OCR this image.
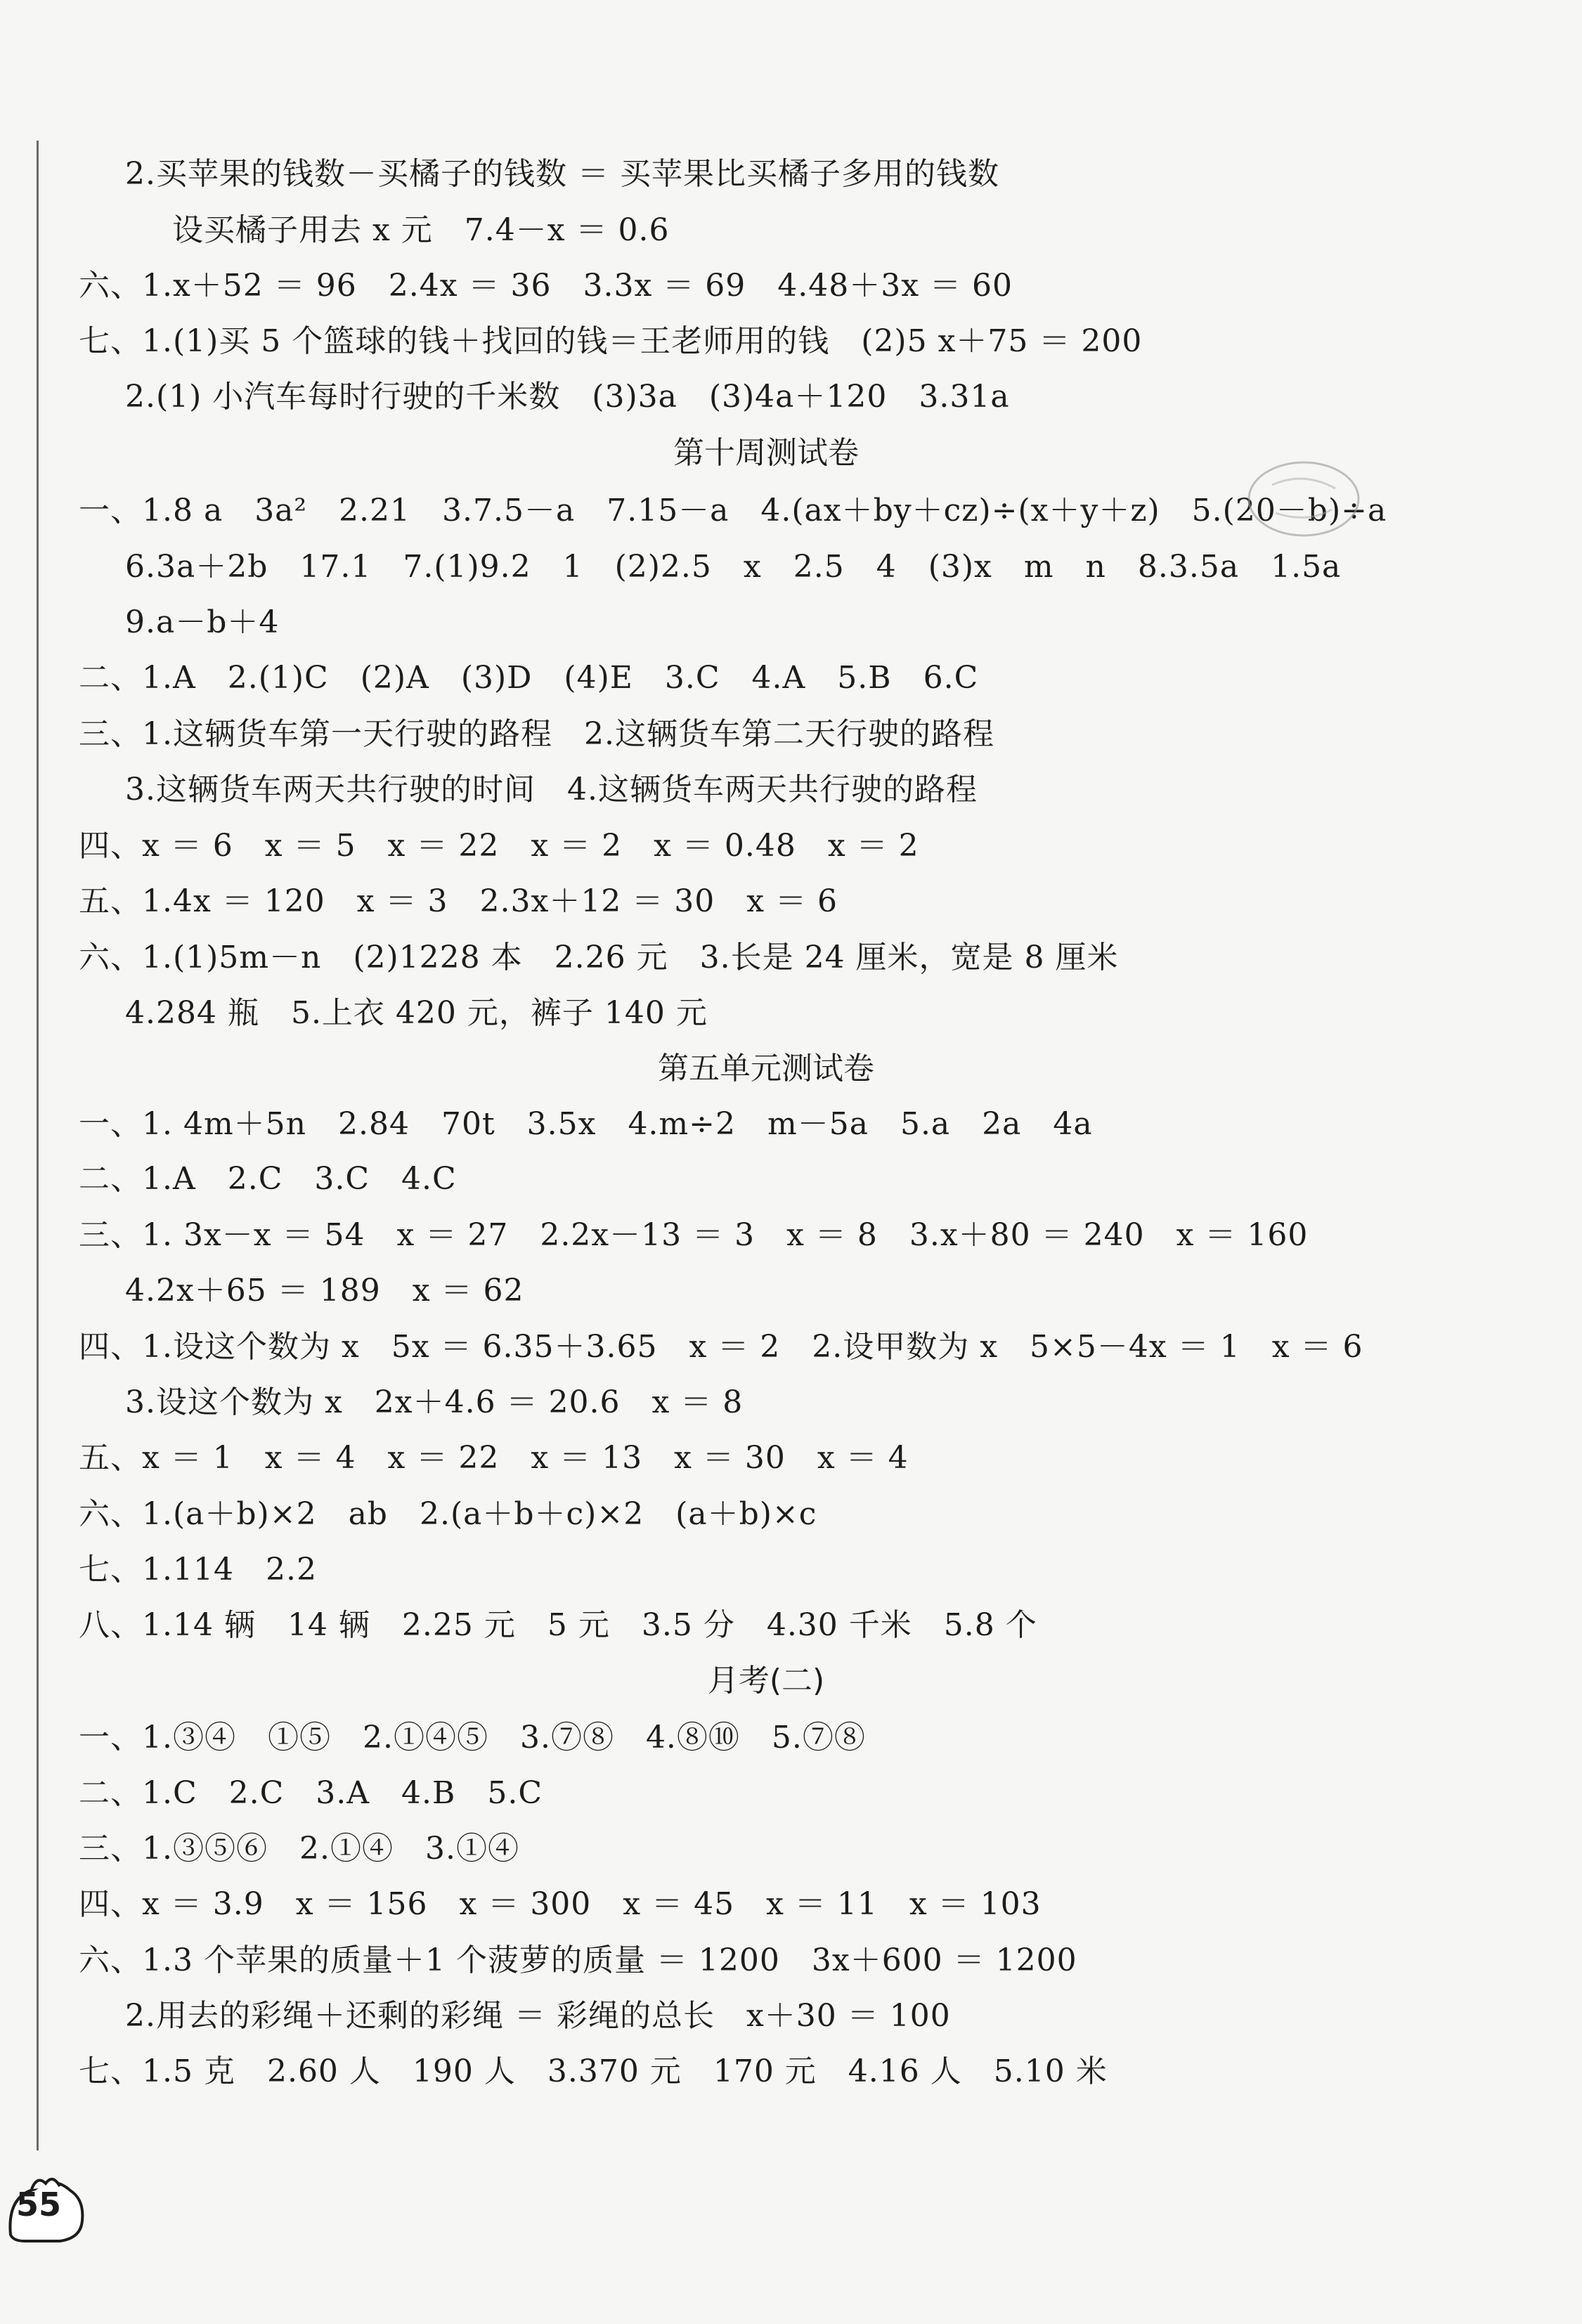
2.买苹果的钱数－买橘子的钱数 ＝ 买苹果比买橘子多用的钱数
设买橘子用去 x 元　7.4－x ＝ 0.6
六、1.x＋52 ＝ 96　2.4x ＝ 36　3.3x ＝ 69　4.48＋3x ＝ 60
七、1.(1)买 5 个篮球的钱＋找回的钱＝王老师用的钱　(2)5 x＋75 ＝ 200
2.(1) 小汽车每时行驶的千米数　(3)3a　(3)4a＋120　3.31a
第十周测试卷
一、1.8 a　3a²　2.21　3.7.5－a　7.15－a　4.(ax＋by＋cz)÷(x＋y＋z)　5.(20－b)÷a
6.3a＋2b　17.1　7.(1)9.2　1　(2)2.5　x　2.5　4　(3)x　m　n　8.3.5a　1.5a
9.a－b＋4
二、1.A　2.(1)C　(2)A　(3)D　(4)E　3.C　4.A　5.B　6.C
三、1.这辆货车第一天行驶的路程　2.这辆货车第二天行驶的路程
3.这辆货车两天共行驶的时间　4.这辆货车两天共行驶的路程
四、x ＝ 6　x ＝ 5　x ＝ 22　x ＝ 2　x ＝ 0.48　x ＝ 2
五、1.4x ＝ 120　x ＝ 3　2.3x＋12 ＝ 30　x ＝ 6
六、1.(1)5m－n　(2)1228 本　2.26 元　3.长是 24 厘米，宽是 8 厘米
4.284 瓶　5.上衣 420 元，裤子 140 元
第五单元测试卷
一、1. 4m＋5n　2.84　70t　3.5x　4.m÷2　m－5a　5.a　2a　4a
二、1.A　2.C　3.C　4.C
三、1. 3x－x ＝ 54　x ＝ 27　2.2x－13 ＝ 3　x ＝ 8　3.x＋80 ＝ 240　x ＝ 160
4.2x＋65 ＝ 189　x ＝ 62
四、1.设这个数为 x　5x ＝ 6.35＋3.65　x ＝ 2　2.设甲数为 x　5×5－4x ＝ 1　x ＝ 6
3.设这个数为 x　2x＋4.6 ＝ 20.6　x ＝ 8
五、x ＝ 1　x ＝ 4　x ＝ 22　x ＝ 13　x ＝ 30　x ＝ 4
六、1.(a＋b)×2　ab　2.(a＋b＋c)×2　(a＋b)×c
七、1.114　2.2
八、1.14 辆　14 辆　2.25 元　5 元　3.5 分　4.30 千米　5.8 个
月考(二)
一、1.③④　①⑤　2.①④⑤　3.⑦⑧　4.⑧⑩　5.⑦⑧
二、1.C　2.C　3.A　4.B　5.C
三、1.③⑤⑥　2.①④　3.①④
四、x ＝ 3.9　x ＝ 156　x ＝ 300　x ＝ 45　x ＝ 11　x ＝ 103
六、1.3 个苹果的质量＋1 个菠萝的质量 ＝ 1200　3x＋600 ＝ 1200
2.用去的彩绳＋还剩的彩绳 ＝ 彩绳的总长　x＋30 ＝ 100
七、1.5 克　2.60 人　190 人　3.370 元　170 元　4.16 人　5.10 米
55
